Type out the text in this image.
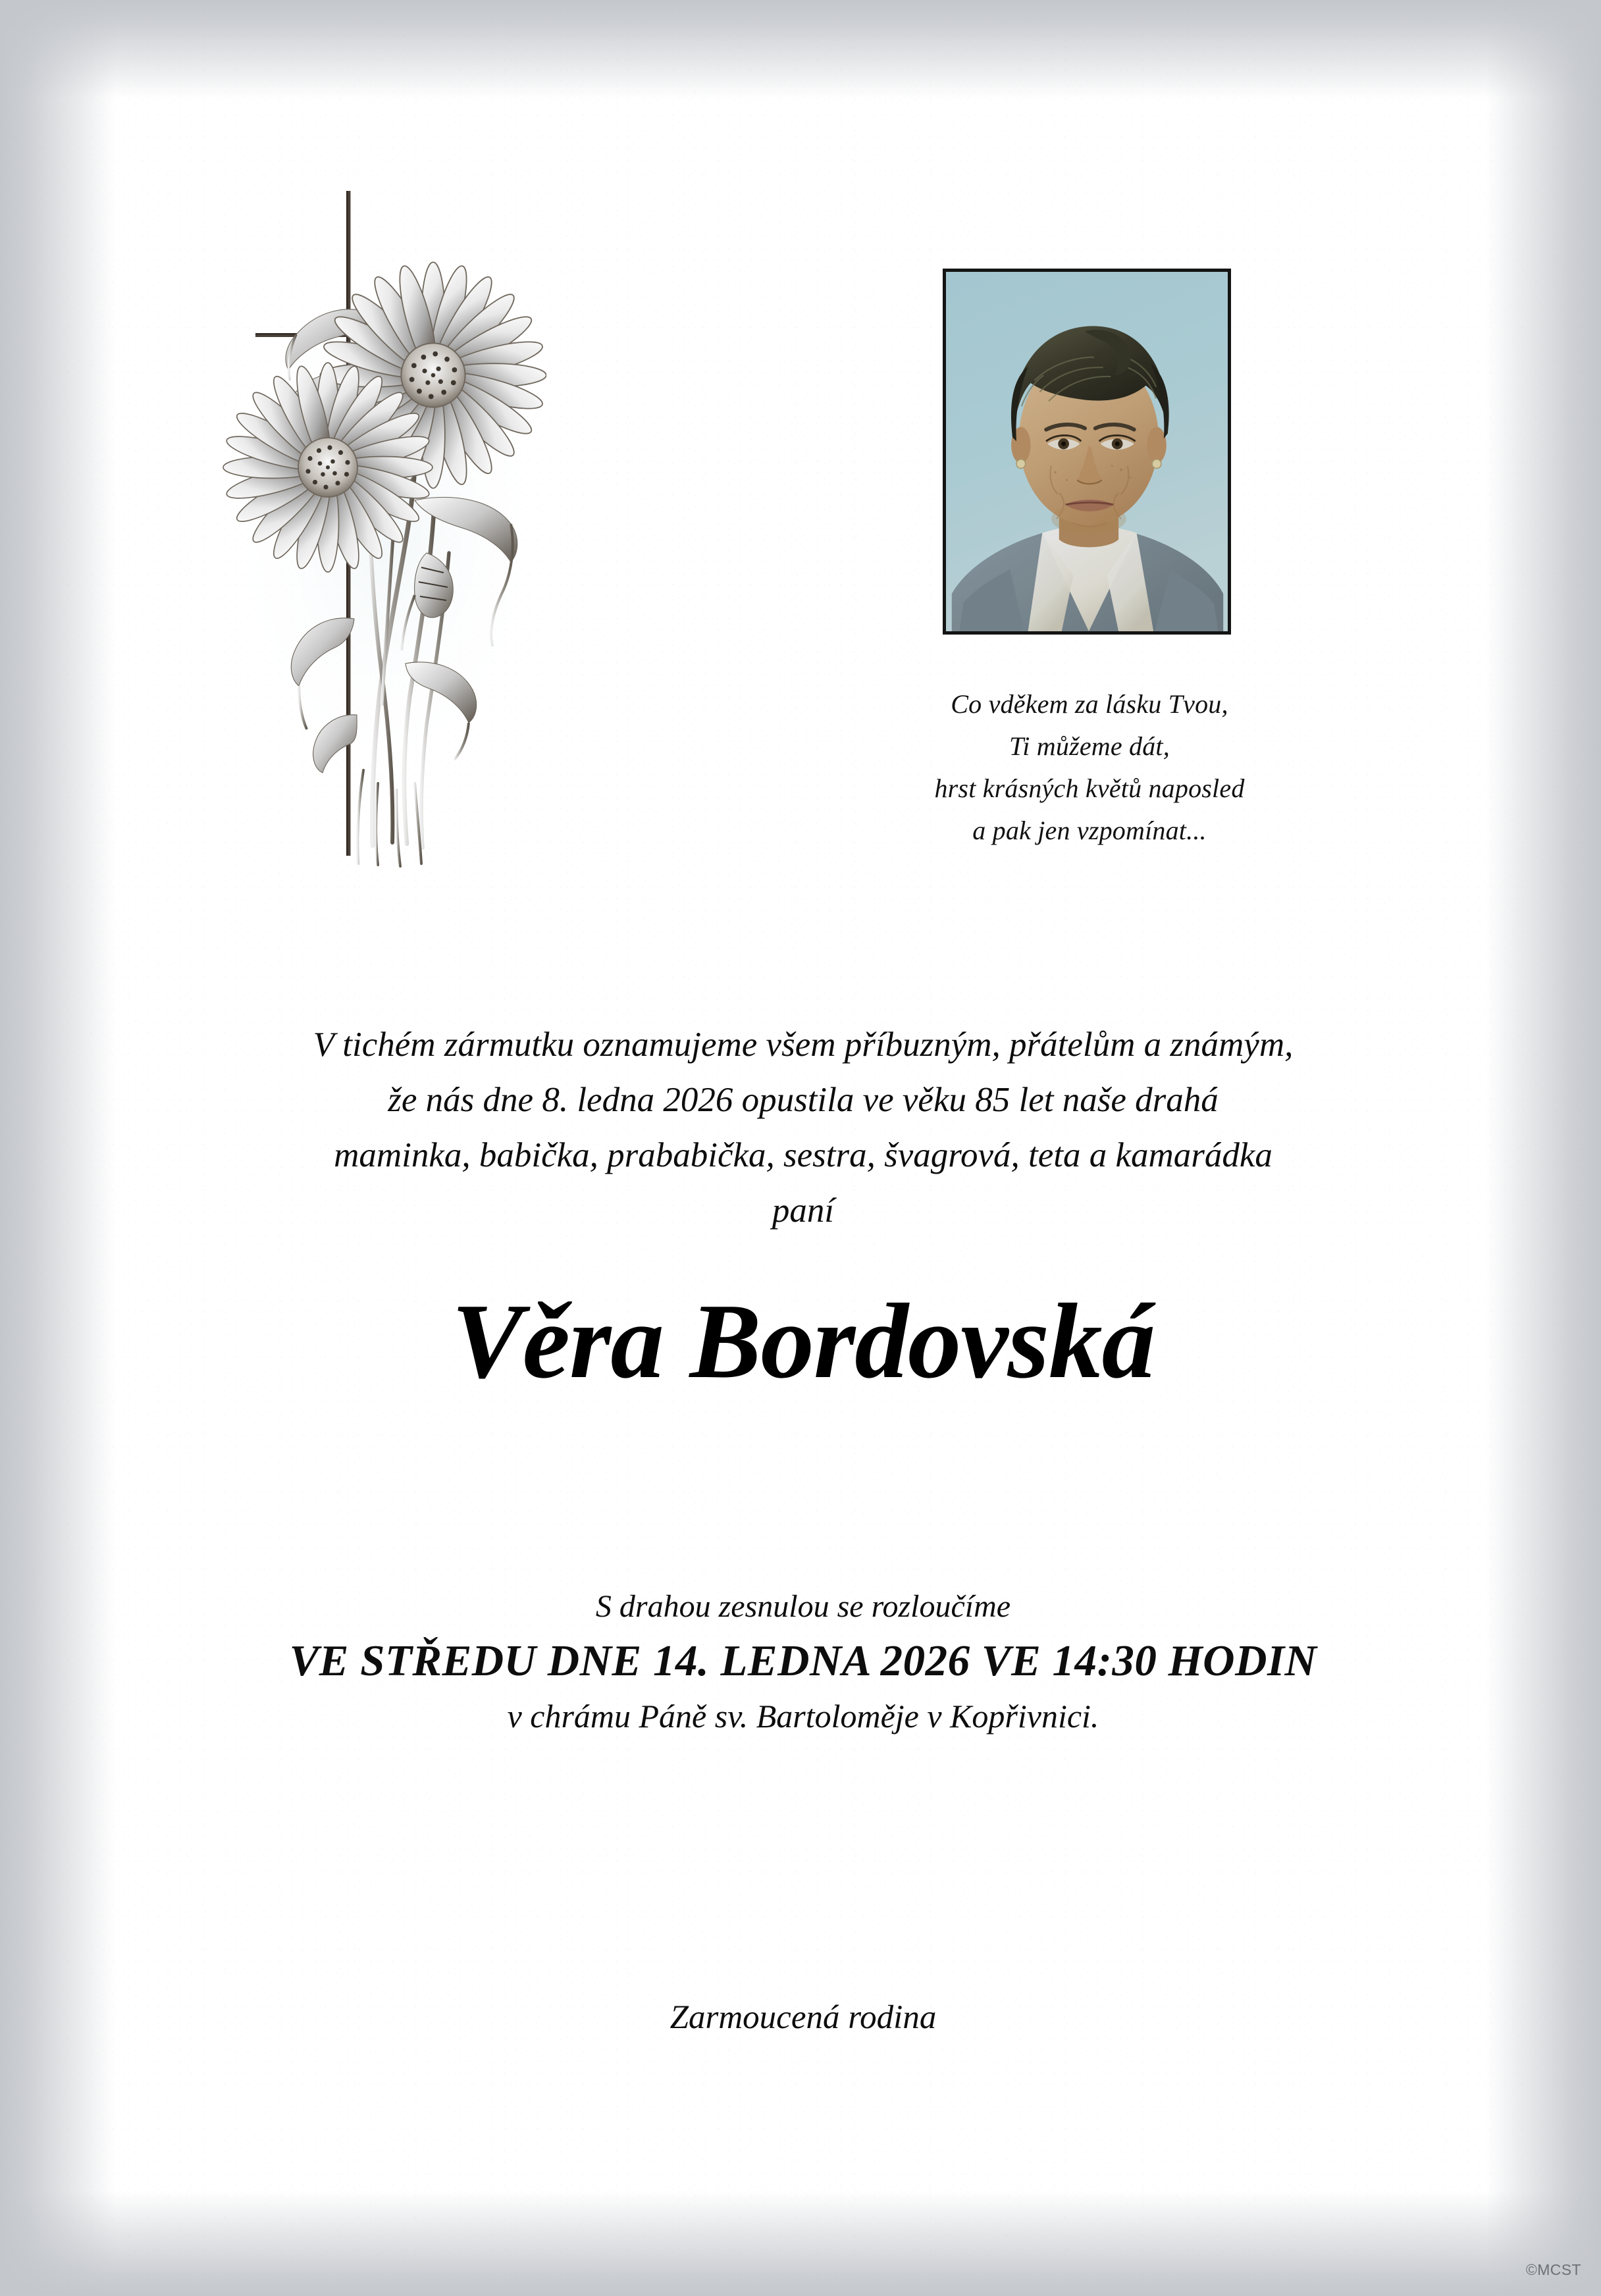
Co vděkem za lásku Tvou,
Ti můžeme dát,
hrst krásných květů naposled
a pak jen vzpomínat...
V tichém zármutku oznamujeme všem příbuzným, přátelům a známým,
že nás dne 8. ledna 2026 opustila ve věku 85 let naše drahá
maminka, babička, prababička, sestra, švagrová, teta a kamarádka
paní
Věra Bordovská
S drahou zesnulou se rozloučíme
VE STŘEDU DNE 14. LEDNA 2026 VE 14:30 HODIN
v chrámu Páně sv. Bartoloměje v Kopřivnici.
Zarmoucená rodina
©MCST
